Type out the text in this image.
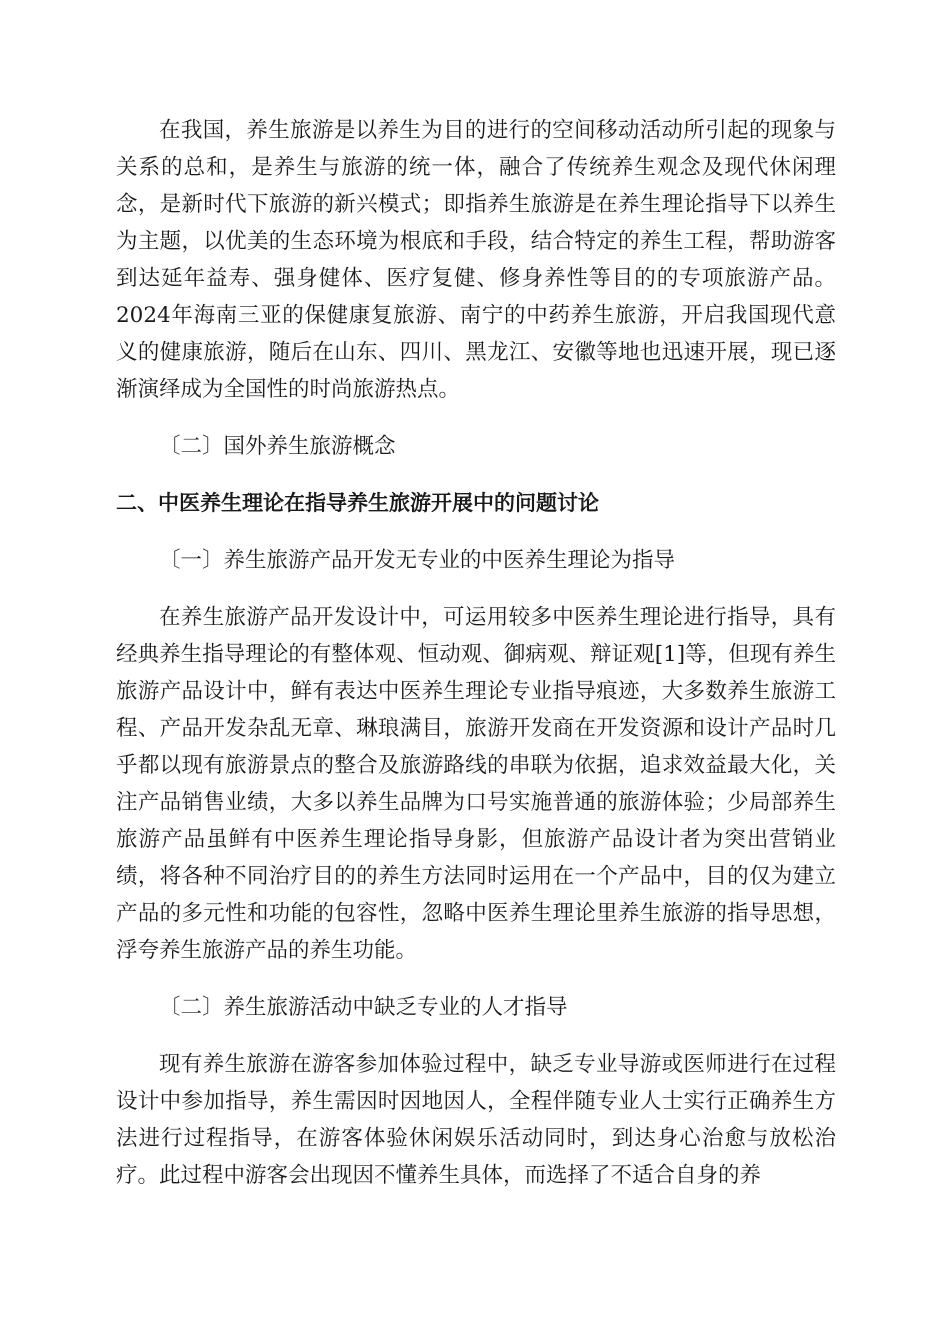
在我国，养生旅游是以养生为目的进行的空间移动活动所引起的现象与关系的总和，是养生与旅游的统一体，融合了传统养生观念及现代休闲理念，是新时代下旅游的新兴模式；即指养生旅游是在养生理论指导下以养生为主题，以优美的生态环境为根底和手段，结合特定的养生工程，帮助游客到达延年益寿、强身健体、医疗复健、修身养性等目的的专项旅游产品。2024年海南三亚的保健康复旅游、南宁的中药养生旅游，开启我国现代意义的健康旅游，随后在山东、四川、黑龙江、安徽等地也迅速开展，现已逐渐演绎成为全国性的时尚旅游热点。

〔二〕国外养生旅游概念

二、中医养生理论在指导养生旅游开展中的问题讨论

〔一〕养生旅游产品开发无专业的中医养生理论为指导

在养生旅游产品开发设计中，可运用较多中医养生理论进行指导，具有经典养生指导理论的有整体观、恒动观、御病观、辩证观[1]等，但现有养生旅游产品设计中，鲜有表达中医养生理论专业指导痕迹，大多数养生旅游工程、产品开发杂乱无章、琳琅满目，旅游开发商在开发资源和设计产品时几乎都以现有旅游景点的整合及旅游路线的串联为依据，追求效益最大化，关注产品销售业绩，大多以养生品牌为口号实施普通的旅游体验；少局部养生旅游产品虽鲜有中医养生理论指导身影，但旅游产品设计者为突出营销业绩，将各种不同治疗目的的养生方法同时运用在一个产品中，目的仅为建立产品的多元性和功能的包容性，忽略中医养生理论里养生旅游的指导思想，浮夸养生旅游产品的养生功能。

〔二〕养生旅游活动中缺乏专业的人才指导

现有养生旅游在游客参加体验过程中，缺乏专业导游或医师进行在过程设计中参加指导，养生需因时因地因人，全程伴随专业人士实行正确养生方法进行过程指导，在游客体验休闲娱乐活动同时，到达身心治愈与放松治疗。此过程中游客会出现因不懂养生具体，而选择了不适合自身的养
